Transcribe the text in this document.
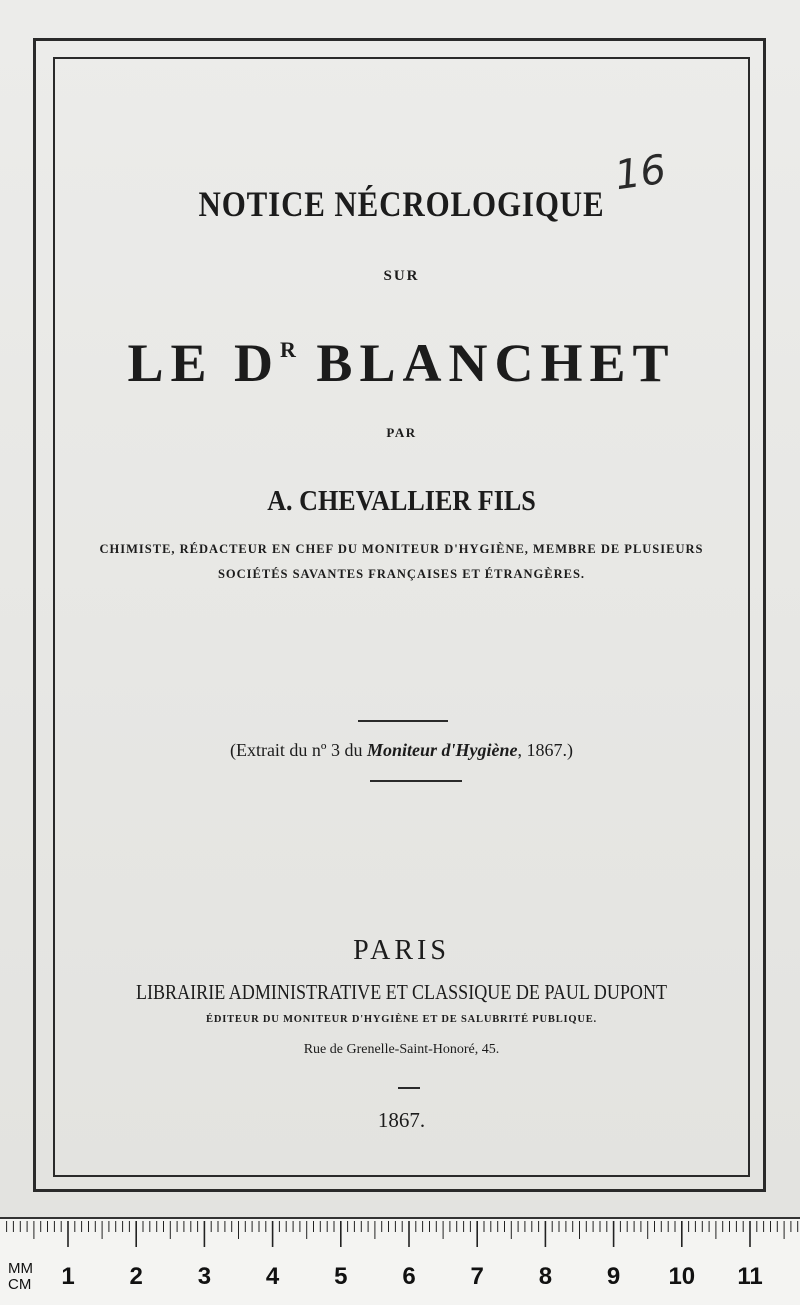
NOTICE NÉCROLOGIQUE
16
SUR
LE $D^R$ BLANCHET
PAR
A. CHEVALLIER FILS
CHIMISTE, RÉDACTEUR EN CHEF DU MONITEUR D'HYGIÈNE, MEMBRE DE PLUSIEURS
SOCIÉTÉS SAVANTES FRANÇAISES ET ÉTRANGÈRES.
(Extrait du nº 3 du Moniteur d'Hygiène, 1867.)
PARIS
LIBRAIRIE ADMINISTRATIVE ET CLASSIQUE DE PAUL DUPONT
ÉDITEUR DU MONITEUR D'HYGIÈNE ET DE SALUBRITÉ PUBLIQUE.
Rue de Grenelle-Saint-Honoré, 45.
1867.
MM
CM 1 2 3 4 5 6 7 8 9 10 11
